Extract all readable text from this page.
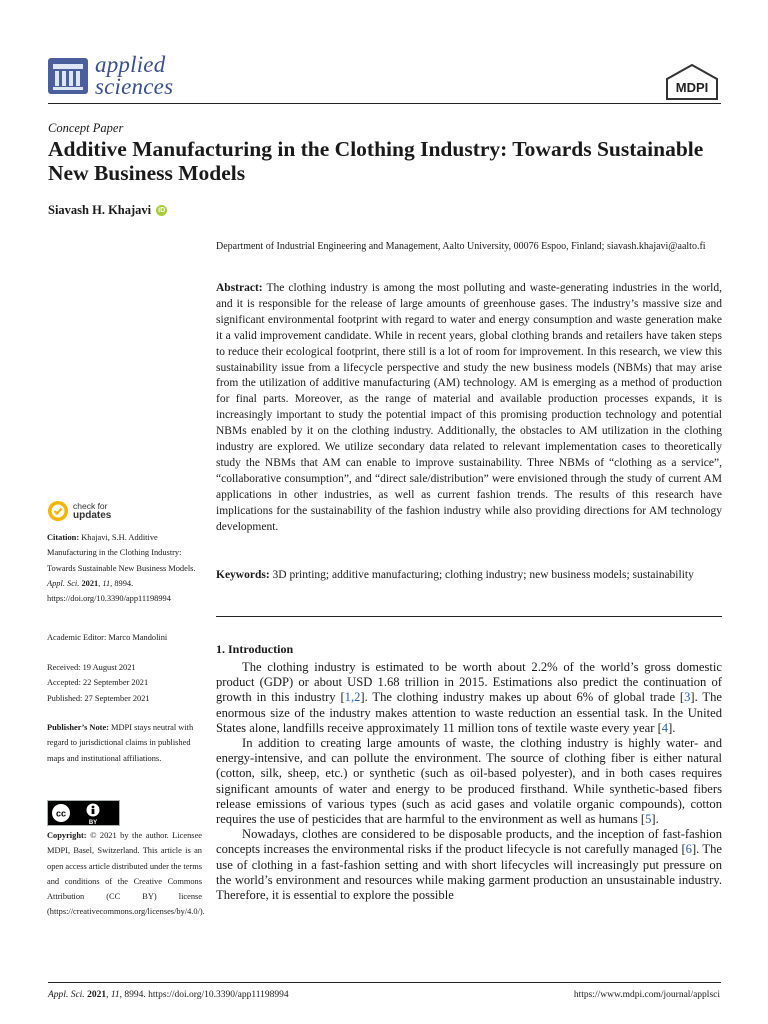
applied
sciences	MDPI
Concept Paper
Additive Manufacturing in the Clothing Industry: Towards Sustainable New Business Models
Siavash H. Khajavi iD
Department of Industrial Engineering and Management, Aalto University, 00076 Espoo, Finland; siavash.khajavi@aalto.fi
Abstract: The clothing industry is among the most polluting and waste-generating industries in the world, and it is responsible for the release of large amounts of greenhouse gases. The industry’s massive size and significant environmental footprint with regard to water and energy consumption and waste generation make it a valid improvement candidate. While in recent years, global clothing brands and retailers have taken steps to reduce their ecological footprint, there still is a lot of room for improvement. In this research, we view this sustainability issue from a lifecycle perspective and study the new business models (NBMs) that may arise from the utilization of additive manufacturing (AM) technology. AM is emerging as a method of production for final parts. Moreover, as the range of material and available production processes expands, it is increasingly important to study the potential impact of this promising production technology and potential NBMs enabled by it on the clothing industry. Additionally, the obstacles to AM utilization in the clothing industry are explored. We utilize secondary data related to relevant implementation cases to theoretically study the NBMs that AM can enable to improve sustainability. Three NBMs of “clothing as a service”, “collaborative consumption”, and “direct sale/distribution” were envisioned through the study of current AM applications in other industries, as well as current fashion trends. The results of this research have implications for the sustainability of the fashion industry while also providing directions for AM technology development.
Keywords: 3D printing; additive manufacturing; clothing industry; new business models; sustainability
1. Introduction

The clothing industry is estimated to be worth about 2.2% of the world’s gross domestic product (GDP) or about USD 1.68 trillion in 2015. Estimations also predict the continuation of growth in this industry [1,2]. The clothing industry makes up about 6% of global trade [3]. The enormous size of the industry makes attention to waste reduction an essential task. In the United States alone, landfills receive approximately 11 million tons of textile waste every year [4].

In addition to creating large amounts of waste, the clothing industry is highly water- and energy-intensive, and can pollute the environment. The source of clothing fiber is either natural (cotton, silk, sheep, etc.) or synthetic (such as oil-based polyester), and in both cases requires significant amounts of water and energy to be produced firsthand. While synthetic-based fibers release emissions of various types (such as acid gases and volatile organic compounds), cotton requires the use of pesticides that are harmful to the environment as well as humans [5].

Nowadays, clothes are considered to be disposable products, and the inception of fast-fashion concepts increases the environmental risks if the product lifecycle is not carefully managed [6]. The use of clothing in a fast-fashion setting and with short lifecycles will increasingly put pressure on the world’s environment and resources while making garment production an unsustainable industry. Therefore, it is essential to explore the possible

check for
updates
Citation: Khajavi, S.H. Additive Manufacturing in the Clothing Industry: Towards Sustainable New Business Models. Appl. Sci. 2021, 11, 8994. https://doi.org/10.3390/app11198994
Academic Editor: Marco Mandolini
Received: 19 August 2021
Accepted: 22 September 2021
Published: 27 September 2021
Publisher’s Note: MDPI stays neutral with regard to jurisdictional claims in published maps and institutional affiliations.
cc
BY
Copyright: © 2021 by the author. Licensee MDPI, Basel, Switzerland. This article is an open access article distributed under the terms and conditions of the Creative Commons Attribution (CC BY) license (https://creativecommons.org/licenses/by/4.0/).
Appl. Sci. 2021, 11, 8994. https://doi.org/10.3390/app11198994	https://www.mdpi.com/journal/applsci
